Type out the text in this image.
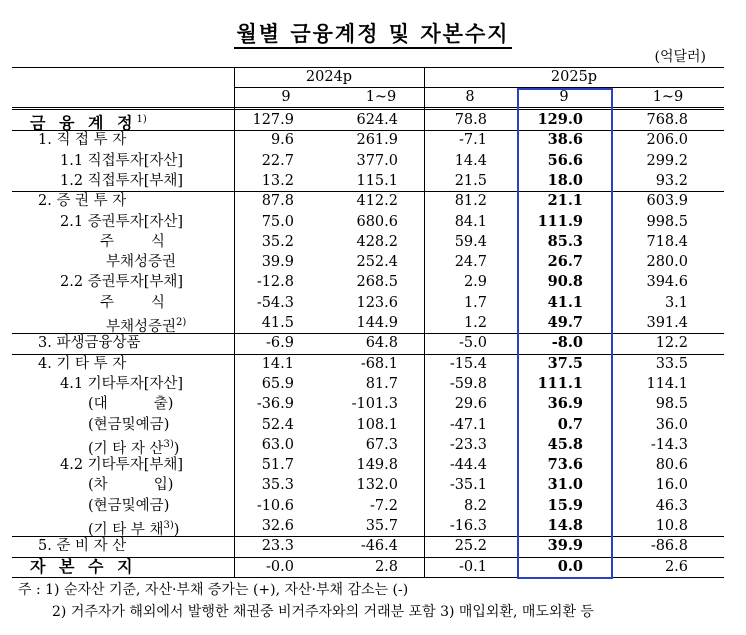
월별 금융계정 및 자본수지
(억달러)
2024p	2025p
9	1~9	8	9	1~9
금 융 계 정$^{1)}$	127.9	624.4	78.8	129.0	768.8
1. 직 접 투 자	9.6	261.9	-7.1	38.6	206.0
1.1 직접투자[자산]	22.7	377.0	14.4	56.6	299.2
1.2 직접투자[부채]	13.2	115.1	21.5	18.0	93.2
2. 증 권 투 자	87.8	412.2	81.2	21.1	603.9
2.1 증권투자[자산]	75.0	680.6	84.1	111.9	998.5
주        식	35.2	428.2	59.4	85.3	718.4
부채성증권	39.9	252.4	24.7	26.7	280.0
2.2 증권투자[부채]	-12.8	268.5	2.9	90.8	394.6
주        식	-54.3	123.6	1.7	41.1	3.1
부채성증권$^{2)}$	41.5	144.9	1.2	49.7	391.4
3. 파생금융상품	-6.9	64.8	-5.0	-8.0	12.2
4. 기 타 투 자	14.1	-68.1	-15.4	37.5	33.5
4.1 기타투자[자산]	65.9	81.7	-59.8	111.1	114.1
(대          출)	-36.9	-101.3	29.6	36.9	98.5
(현금및예금)	52.4	108.1	-47.1	0.7	36.0
(기 타 자 산$^{3)}$)	63.0	67.3	-23.3	45.8	-14.3
4.2 기타투자[부채]	51.7	149.8	-44.4	73.6	80.6
(차          입)	35.3	132.0	-35.1	31.0	16.0
(현금및예금)	-10.6	-7.2	8.2	15.9	46.3
(기 타 부 채$^{3)}$)	32.6	35.7	-16.3	14.8	10.8
5. 준 비 자 산	23.3	-46.4	25.2	39.9	-86.8
자 본 수 지	-0.0	2.8	-0.1	0.0	2.6
주 : 1) 순자산 기준, 자산·부채 증가는 (+), 자산·부채 감소는 (-)
2) 거주자가 해외에서 발행한 채권중 비거주자와의 거래분 포함 3) 매입외환, 매도외환 등
